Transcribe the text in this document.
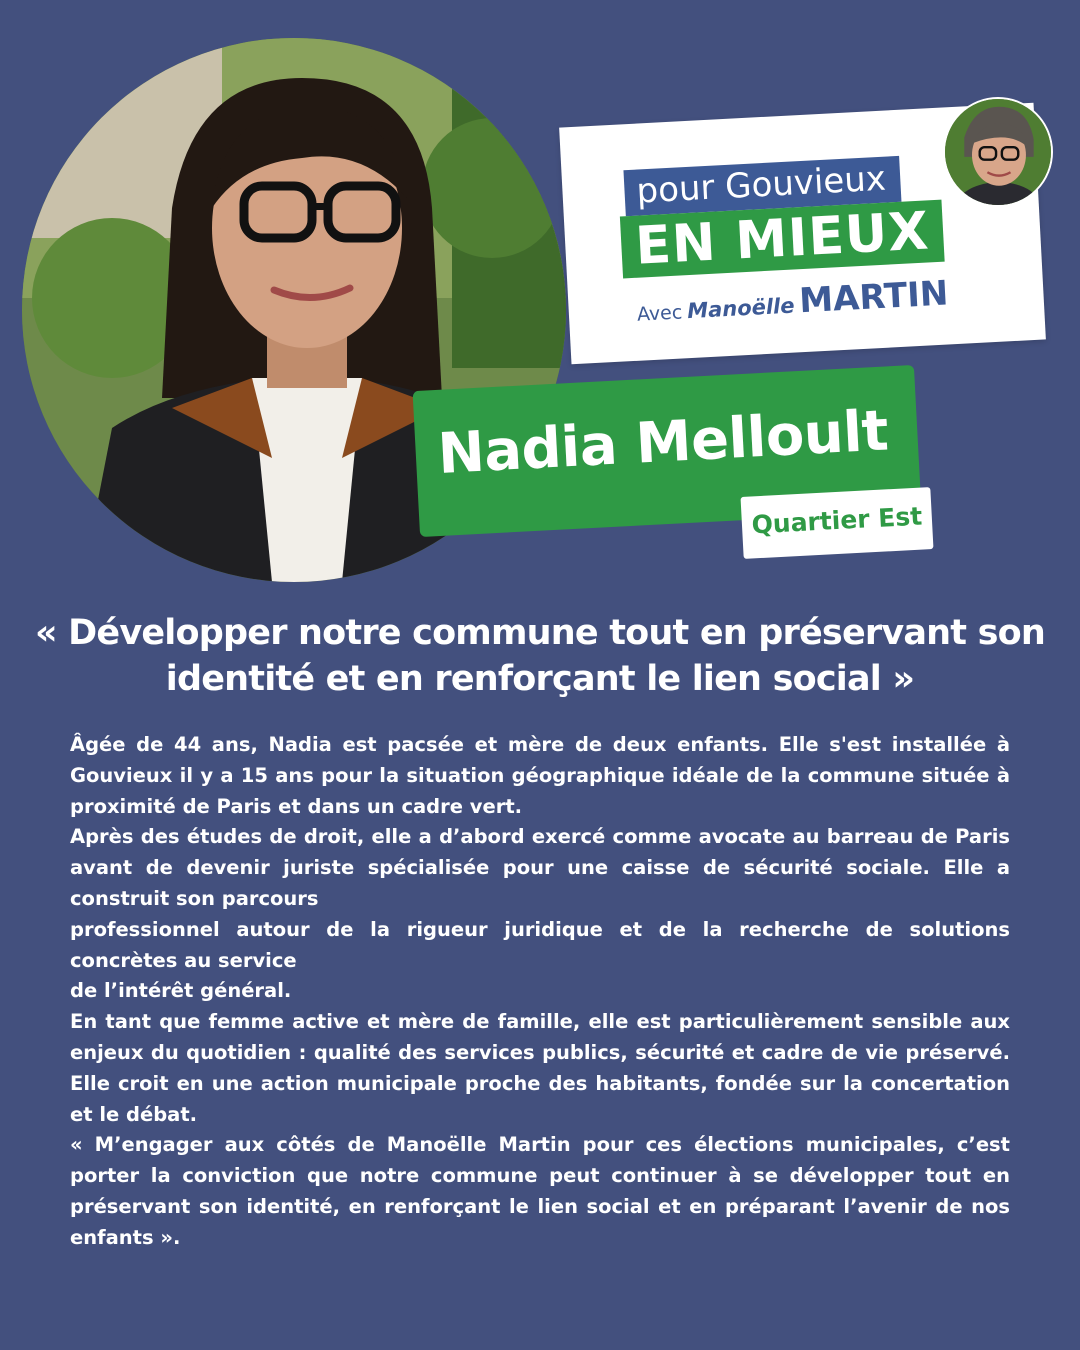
pour Gouvieux
EN MIEUX
Avec Manoëlle MARTIN
Nadia Melloult
Quartier Est
« Développer notre commune tout en préservant son
identité et en renforçant le lien social »

Âgée de 44 ans, Nadia est pacsée et mère de deux enfants. Elle s'est installée à Gouvieux il y a 15 ans pour la situation géographique idéale de la commune située à proximité de Paris et dans un cadre vert.

Après des études de droit, elle a d’abord exercé comme avocate au barreau de Paris avant de devenir juriste spécialisée pour une caisse de sécurité sociale. Elle a construit son parcours

professionnel autour de la rigueur juridique et de la recherche de solutions concrètes au service

de l’intérêt général.

En tant que femme active et mère de famille, elle est particulièrement sensible aux enjeux du quotidien : qualité des services publics, sécurité et cadre de vie préservé. Elle croit en une action municipale proche des habitants, fondée sur la concertation et le débat.

« M’engager aux côtés de Manoëlle Martin pour ces élections municipales, c’est porter la conviction que notre commune peut continuer à se développer tout en préservant son identité, en renforçant le lien social et en préparant l’avenir de nos enfants ».
